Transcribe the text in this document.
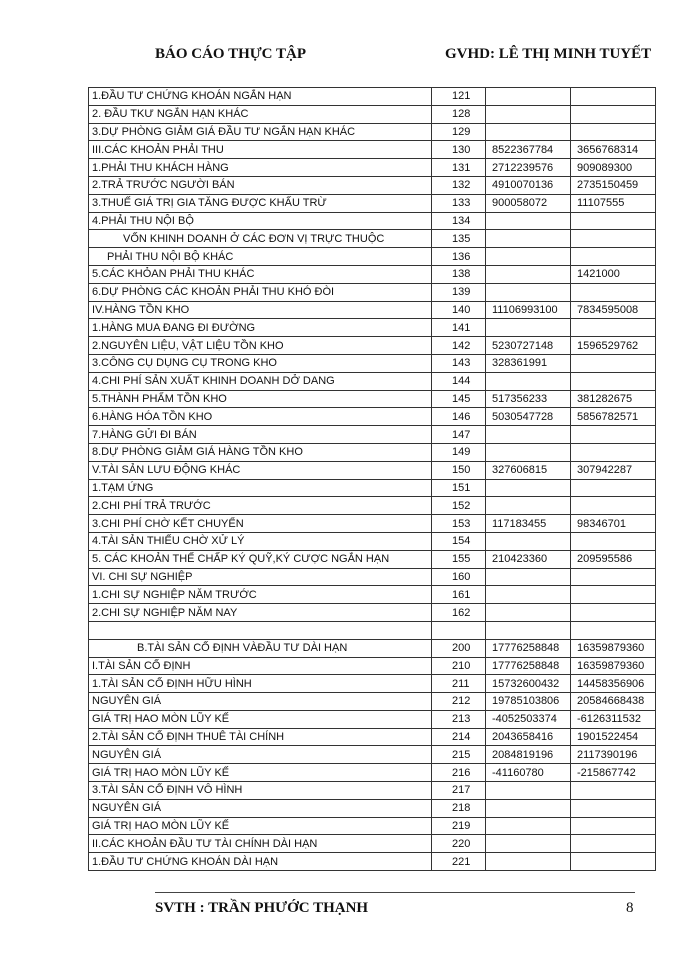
BÁO CÁO THỰC TẬP	GVHD: LÊ THỊ MINH TUYẾT
1.ĐẦU TƯ CHỨNG KHOÁN NGẮN HẠN	121		
2. ĐẦU TKƯ NGẮN HẠN KHÁC	128		
3.DỰ PHÒNG GIẢM GIÁ ĐẦU TƯ NGẮN HẠN KHÁC	129		
III.CÁC KHOẢN PHẢI THU	130	8522367784	3656768314
1.PHẢI THU KHÁCH HÀNG	131	2712239576	909089300
2.TRẢ TRƯỚC NGƯỜI BÁN	132	4910070136	2735150459
3.THUẾ GIÁ TRỊ GIA TĂNG ĐƯỢC KHẤU TRỪ	133	900058072	11107555
4.PHẢI THU NỘI BỘ	134		
VỐN KHINH DOANH Ở CÁC ĐƠN VỊ TRỰC THUỘC	135		
PHẢI THU NỘI BỘ KHÁC	136		
5.CÁC KHỎAN PHẢI THU KHÁC	138		1421000
6.DỰ PHÒNG CÁC KHOẢN PHẢI THU KHÓ ĐÒI	139		
IV.HÀNG TỒN KHO	140	11106993100	7834595008
1.HÀNG MUA ĐANG ĐI ĐƯỜNG	141		
2.NGUYÊN LIỆU, VẬT LIỆU TỒN KHO	142	5230727148	1596529762
3.CÔNG CỤ DỤNG CỤ TRONG KHO	143	328361991	
4.CHI PHÍ SẢN XUẤT KHINH DOANH DỞ DANG	144		
5.THÀNH PHẨM TỒN KHO	145	517356233	381282675
6.HÀNG HÓA TỒN KHO	146	5030547728	5856782571
7.HÀNG GỬI ĐI BÁN	147		
8.DỰ PHÒNG GIẢM GIÁ HÀNG TỒN KHO	149		
V.TÀI SẢN LƯU ĐỘNG KHÁC	150	327606815	307942287
1.TẠM ỨNG	151		
2.CHI PHÍ TRẢ TRƯỚC	152		
3.CHI PHÍ CHỜ KẾT CHUYỂN	153	117183455	98346701
4.TÀI SẢN THIẾU CHỜ XỬ LÝ	154		
5. CÁC KHOẢN THẾ CHẤP KÝ QUỸ,KÝ CƯỢC NGẮN HẠN	155	210423360	209595586
VI. CHI SỰ NGHIỆP	160		
1.CHI SỰ NGHIỆP NĂM TRƯỚC	161		
2.CHI SỰ NGHIỆP NĂM NAY	162		

B.TÀI SẢN CỐ ĐỊNH VÀĐẦU TƯ DÀI HẠN	200	17776258848	16359879360
I.TÀI SẢN CỐ ĐỊNH	210	17776258848	16359879360
1.TÀI SẢN CỐ ĐỊNH HỮU HÌNH	211	15732600432	14458356906
NGUYÊN GIÁ	212	19785103806	20584668438
GIÁ TRỊ HAO MÒN LŨY KẾ	213	-4052503374	-6126311532
2.TÀI SẢN CỐ ĐỊNH THUÊ TÀI CHÍNH	214	2043658416	1901522454
NGUYÊN GIÁ	215	2084819196	2117390196
GIÁ TRỊ HAO MÒN LŨY KẾ	216	-41160780	-215867742
3.TÀI SẢN CỐ ĐỊNH VÔ HÌNH	217		
NGUYÊN GIÁ	218		
GIÁ TRỊ HAO MÒN LŨY KẾ	219		
II.CÁC KHOẢN ĐẦU TƯ TÀI CHÍNH DÀI HẠN	220		
1.ĐẦU TƯ CHỨNG KHOÁN DÀI HẠN	221		
SVTH : TRẦN PHƯỚC THẠNH	8
